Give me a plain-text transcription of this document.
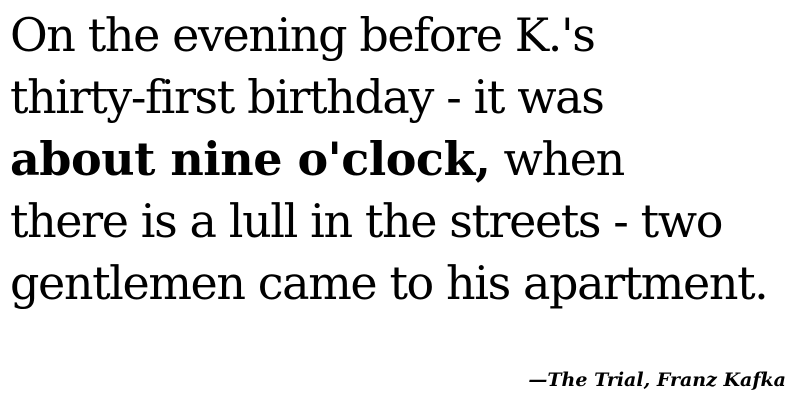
On the evening before K.'s
thirty-first birthday - it was
about nine o'clock, when
there is a lull in the streets - two
gentlemen came to his apartment.

—The Trial, Franz Kafka
